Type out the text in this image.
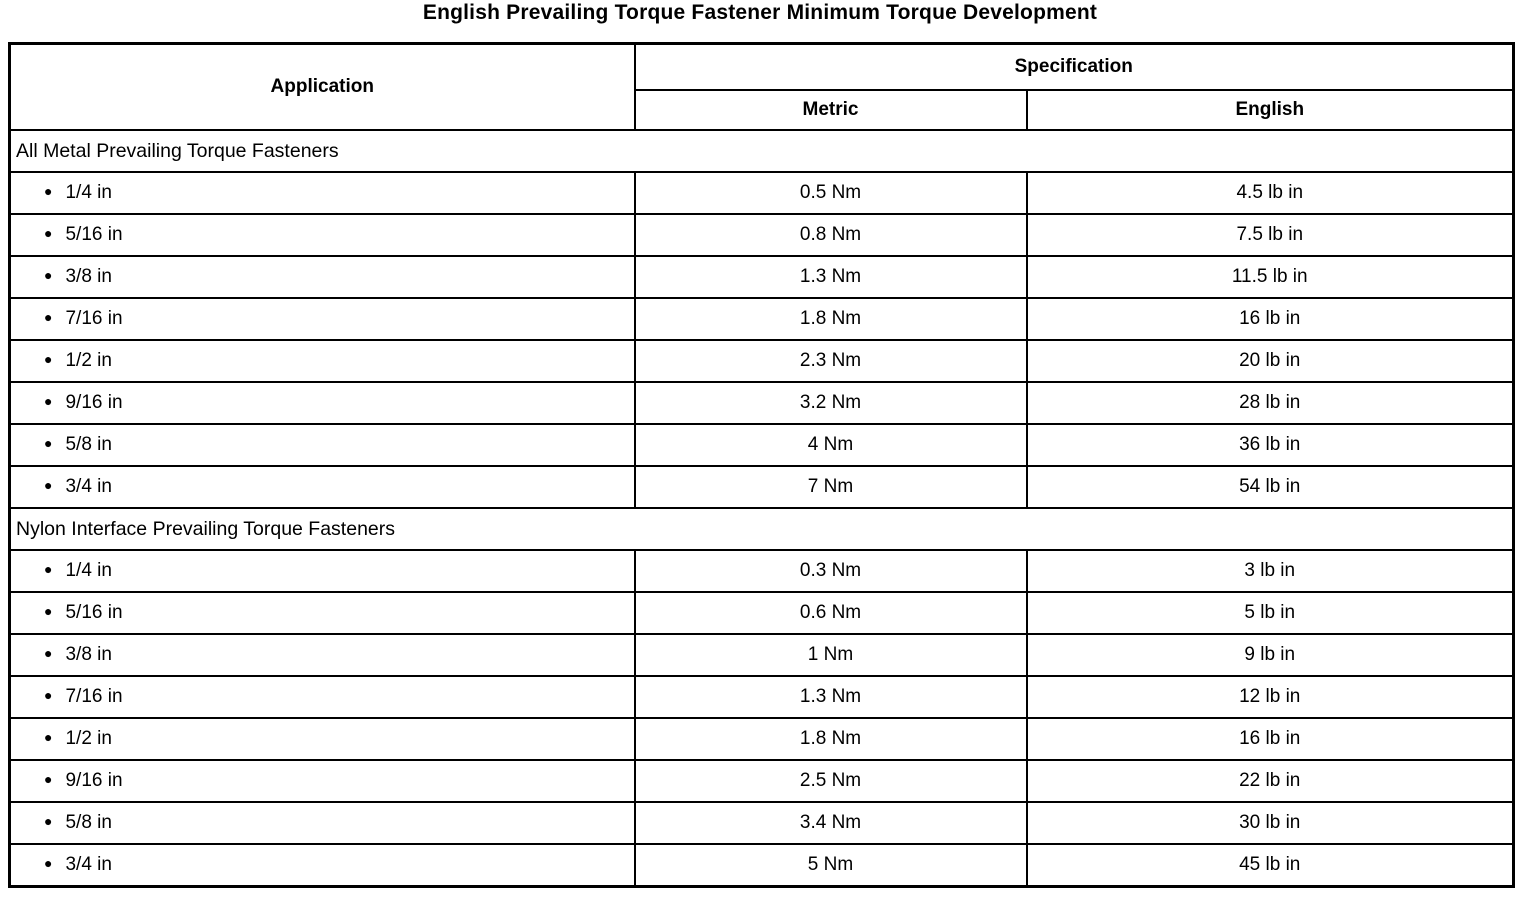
English Prevailing Torque Fastener Minimum Torque Development
Application	Specification	
	Metric	English
All Metal Prevailing Torque Fasteners		
● 1/4 in	0.5 Nm	4.5 lb in
● 5/16 in	0.8 Nm	7.5 lb in
● 3/8 in	1.3 Nm	11.5 lb in
● 7/16 in	1.8 Nm	16 lb in
● 1/2 in	2.3 Nm	20 lb in
● 9/16 in	3.2 Nm	28 lb in
● 5/8 in	4 Nm	36 lb in
● 3/4 in	7 Nm	54 lb in
Nylon Interface Prevailing Torque Fasteners		
● 1/4 in	0.3 Nm	3 lb in
● 5/16 in	0.6 Nm	5 lb in
● 3/8 in	1 Nm	9 lb in
● 7/16 in	1.3 Nm	12 lb in
● 1/2 in	1.8 Nm	16 lb in
● 9/16 in	2.5 Nm	22 lb in
● 5/8 in	3.4 Nm	30 lb in
● 3/4 in	5 Nm	45 lb in
